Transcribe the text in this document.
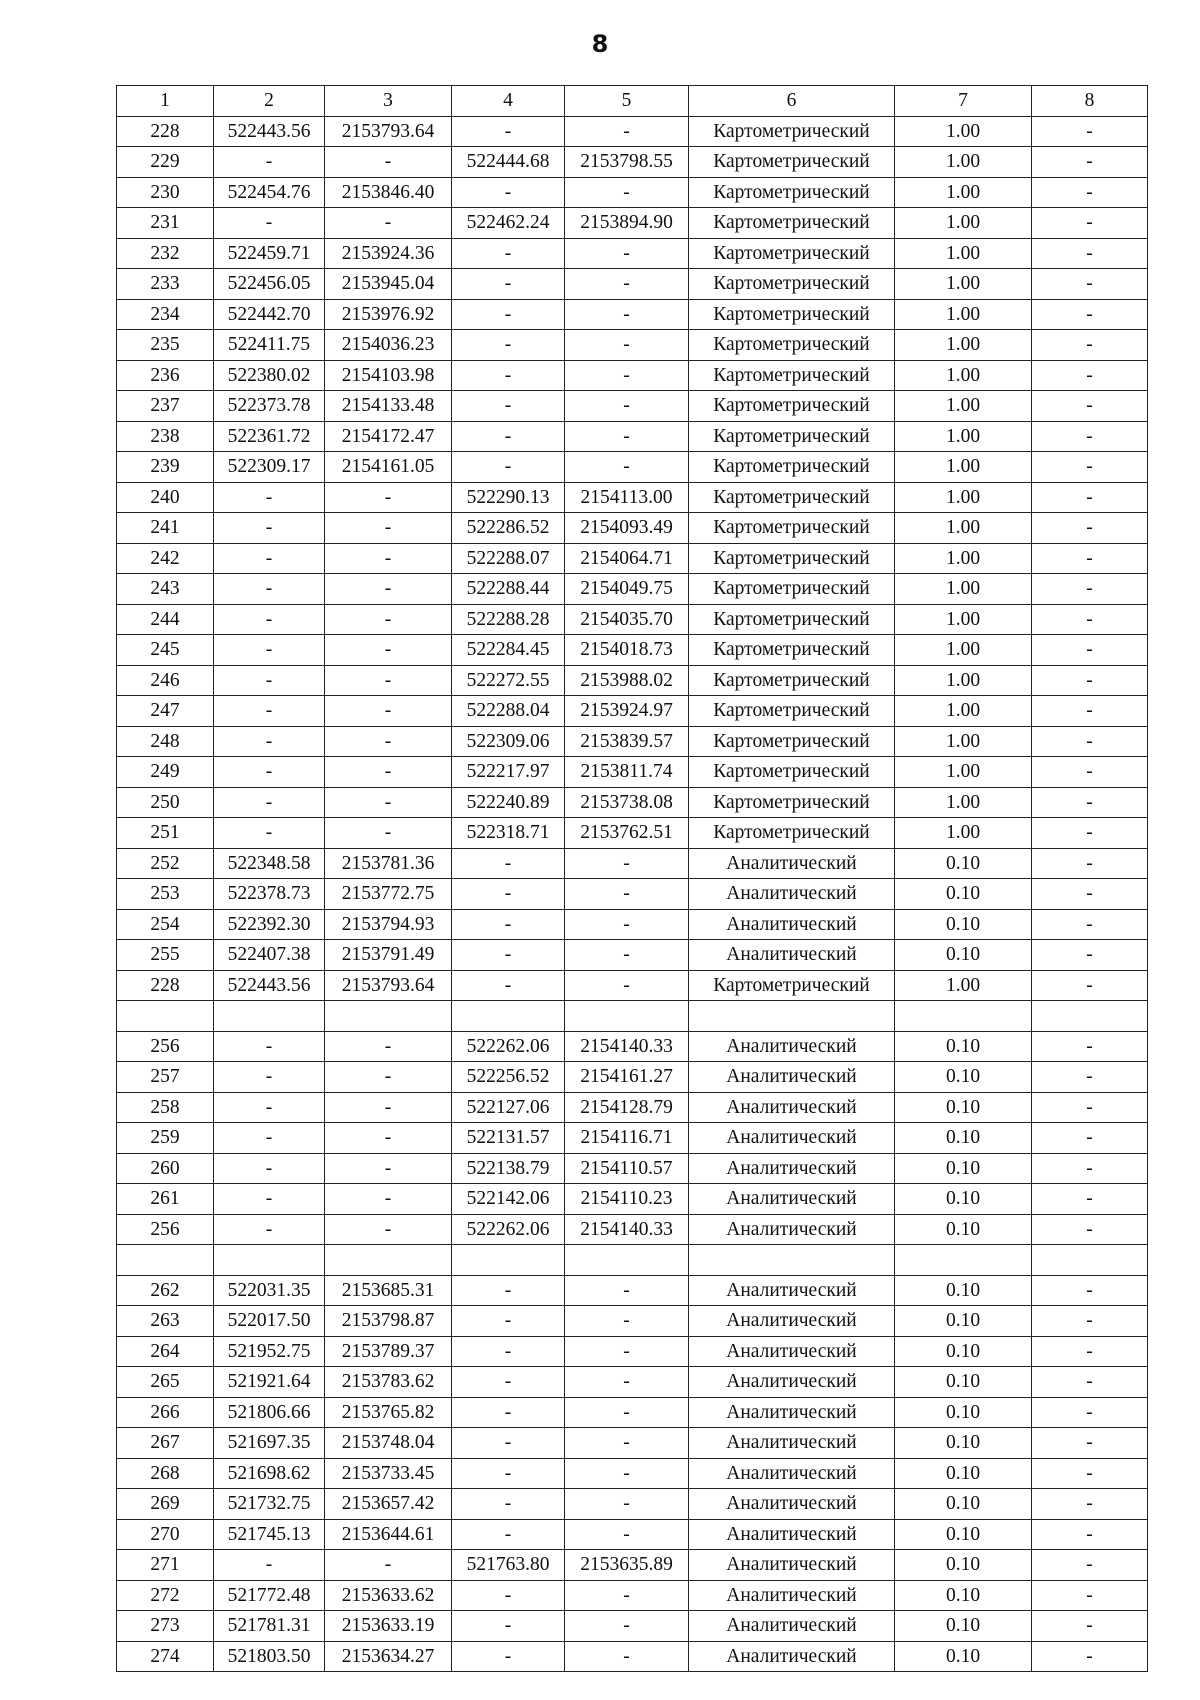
8
1	2	3	4	5	6	7	8
228	522443.56	2153793.64	-	-	Картометрический	1.00	-
229	-	-	522444.68	2153798.55	Картометрический	1.00	-
230	522454.76	2153846.40	-	-	Картометрический	1.00	-
231	-	-	522462.24	2153894.90	Картометрический	1.00	-
232	522459.71	2153924.36	-	-	Картометрический	1.00	-
233	522456.05	2153945.04	-	-	Картометрический	1.00	-
234	522442.70	2153976.92	-	-	Картометрический	1.00	-
235	522411.75	2154036.23	-	-	Картометрический	1.00	-
236	522380.02	2154103.98	-	-	Картометрический	1.00	-
237	522373.78	2154133.48	-	-	Картометрический	1.00	-
238	522361.72	2154172.47	-	-	Картометрический	1.00	-
239	522309.17	2154161.05	-	-	Картометрический	1.00	-
240	-	-	522290.13	2154113.00	Картометрический	1.00	-
241	-	-	522286.52	2154093.49	Картометрический	1.00	-
242	-	-	522288.07	2154064.71	Картометрический	1.00	-
243	-	-	522288.44	2154049.75	Картометрический	1.00	-
244	-	-	522288.28	2154035.70	Картометрический	1.00	-
245	-	-	522284.45	2154018.73	Картометрический	1.00	-
246	-	-	522272.55	2153988.02	Картометрический	1.00	-
247	-	-	522288.04	2153924.97	Картометрический	1.00	-
248	-	-	522309.06	2153839.57	Картометрический	1.00	-
249	-	-	522217.97	2153811.74	Картометрический	1.00	-
250	-	-	522240.89	2153738.08	Картометрический	1.00	-
251	-	-	522318.71	2153762.51	Картометрический	1.00	-
252	522348.58	2153781.36	-	-	Аналитический	0.10	-
253	522378.73	2153772.75	-	-	Аналитический	0.10	-
254	522392.30	2153794.93	-	-	Аналитический	0.10	-
255	522407.38	2153791.49	-	-	Аналитический	0.10	-
228	522443.56	2153793.64	-	-	Картометрический	1.00	-

256	-	-	522262.06	2154140.33	Аналитический	0.10	-
257	-	-	522256.52	2154161.27	Аналитический	0.10	-
258	-	-	522127.06	2154128.79	Аналитический	0.10	-
259	-	-	522131.57	2154116.71	Аналитический	0.10	-
260	-	-	522138.79	2154110.57	Аналитический	0.10	-
261	-	-	522142.06	2154110.23	Аналитический	0.10	-
256	-	-	522262.06	2154140.33	Аналитический	0.10	-

262	522031.35	2153685.31	-	-	Аналитический	0.10	-
263	522017.50	2153798.87	-	-	Аналитический	0.10	-
264	521952.75	2153789.37	-	-	Аналитический	0.10	-
265	521921.64	2153783.62	-	-	Аналитический	0.10	-
266	521806.66	2153765.82	-	-	Аналитический	0.10	-
267	521697.35	2153748.04	-	-	Аналитический	0.10	-
268	521698.62	2153733.45	-	-	Аналитический	0.10	-
269	521732.75	2153657.42	-	-	Аналитический	0.10	-
270	521745.13	2153644.61	-	-	Аналитический	0.10	-
271	-	-	521763.80	2153635.89	Аналитический	0.10	-
272	521772.48	2153633.62	-	-	Аналитический	0.10	-
273	521781.31	2153633.19	-	-	Аналитический	0.10	-
274	521803.50	2153634.27	-	-	Аналитический	0.10	-
